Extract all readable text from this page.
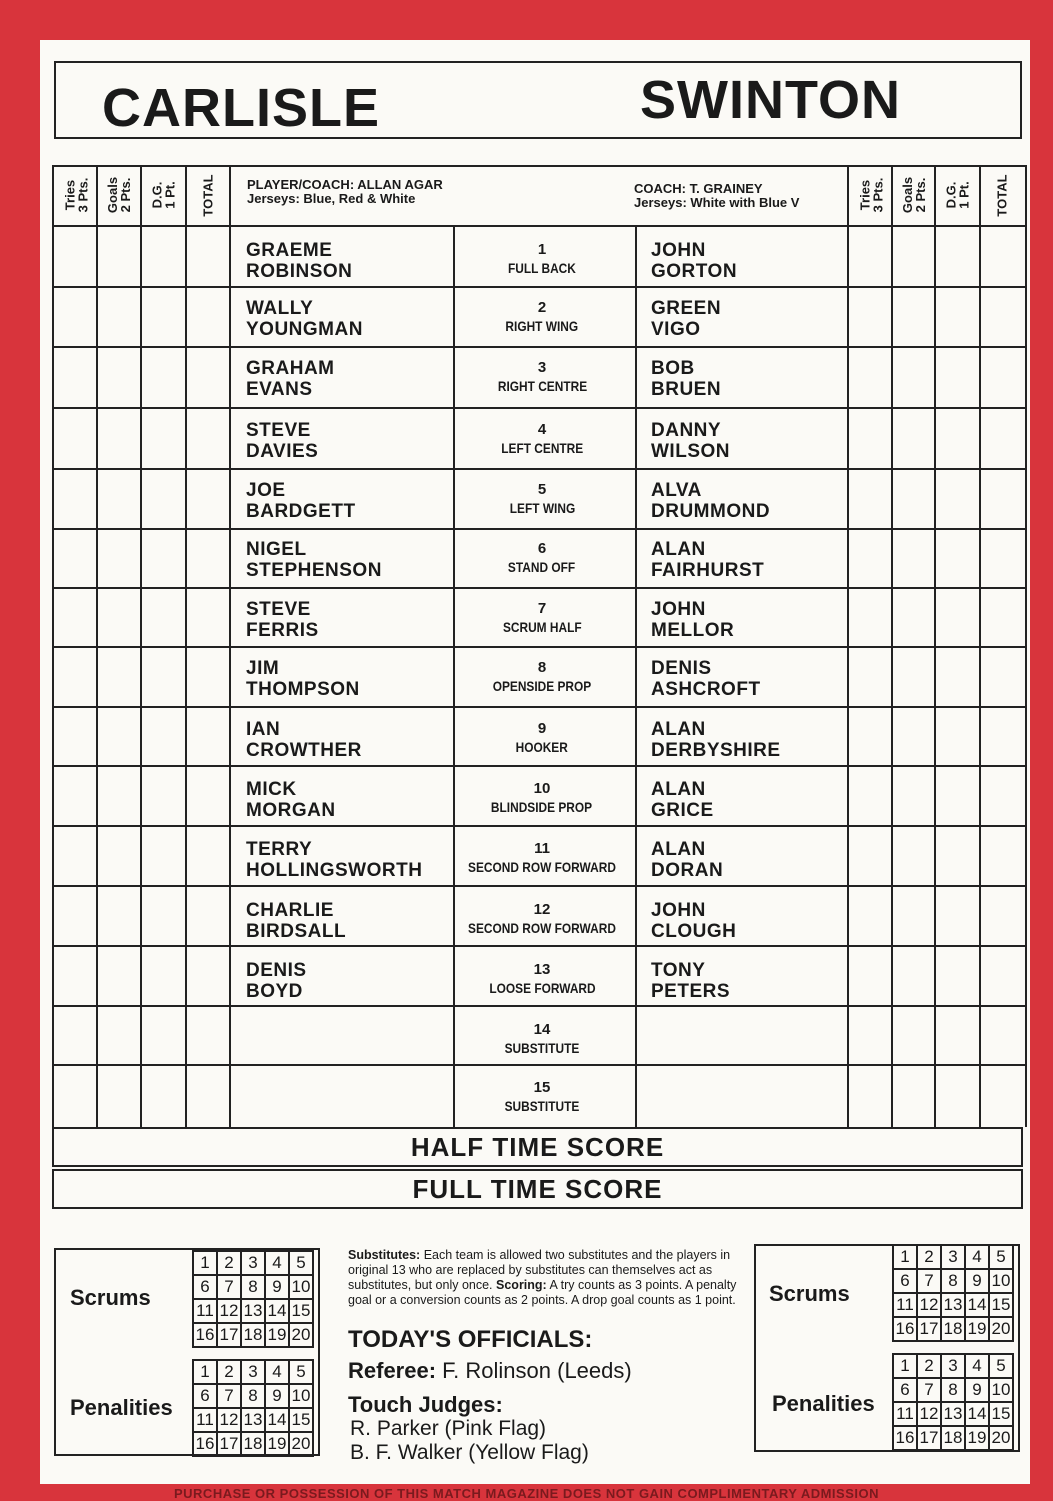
CARLISLE	SWINTON
Tries
3 Pts. Goals
2 Pts. D.G.
1 Pt. TOTAL	Tries
3 Pts. Goals
2 Pts. D.G.
1 Pt. TOTAL
PLAYER/COACH: ALLAN AGAR
Jerseys: Blue, Red & White
COACH: T. GRAINEY
Jerseys: White with Blue V
GRAEME
ROBINSON
JOHN
GORTON
1
FULL BACK
WALLY
YOUNGMAN
GREEN
VIGO
2
RIGHT WING
GRAHAM
EVANS
BOB
BRUEN
3
RIGHT CENTRE
STEVE
DAVIES
DANNY
WILSON
4
LEFT CENTRE
JOE
BARDGETT
ALVA
DRUMMOND
5
LEFT WING
NIGEL
STEPHENSON
ALAN
FAIRHURST
6
STAND OFF
STEVE
FERRIS
JOHN
MELLOR
7
SCRUM HALF
JIM
THOMPSON
DENIS
ASHCROFT
8
OPENSIDE PROP
IAN
CROWTHER
ALAN
DERBYSHIRE
9
HOOKER
MICK
MORGAN
ALAN
GRICE
10
BLINDSIDE PROP
TERRY
HOLLINGSWORTH
ALAN
DORAN
11
SECOND ROW FORWARD
CHARLIE
BIRDSALL
JOHN
CLOUGH
12
SECOND ROW FORWARD
DENIS
BOYD
TONY
PETERS
13
LOOSE FORWARD
14
SUBSTITUTE
15
SUBSTITUTE
HALF TIME SCORE
FULL TIME SCORE
Scrums
Penalities
1 2 3 4 5
6 7 8 9 10
11 12 13 14 15
16 17 18 19 20
1 2 3 4 5
6 7 8 9 10
11 12 13 14 15
16 17 18 19 20
Scrums
Penalities
1 2 3 4 5
6 7 8 9 10
11 12 13 14 15
16 17 18 19 20
1 2 3 4 5
6 7 8 9 10
11 12 13 14 15
16 17 18 19 20
Substitutes: Each team is allowed two substitutes and the players in original 13 who are replaced by substitutes can themselves act as substitutes, but only once. Scoring: A try counts as 3 points. A penalty goal or a conversion counts as 2 points. A drop goal counts as 1 point.
TODAY'S OFFICIALS:
Referee: F. Rolinson (Leeds)
Touch Judges:
R. Parker (Pink Flag)
B. F. Walker (Yellow Flag)
PURCHASE OR POSSESSION OF THIS MATCH MAGAZINE DOES NOT GAIN COMPLIMENTARY ADMISSION
